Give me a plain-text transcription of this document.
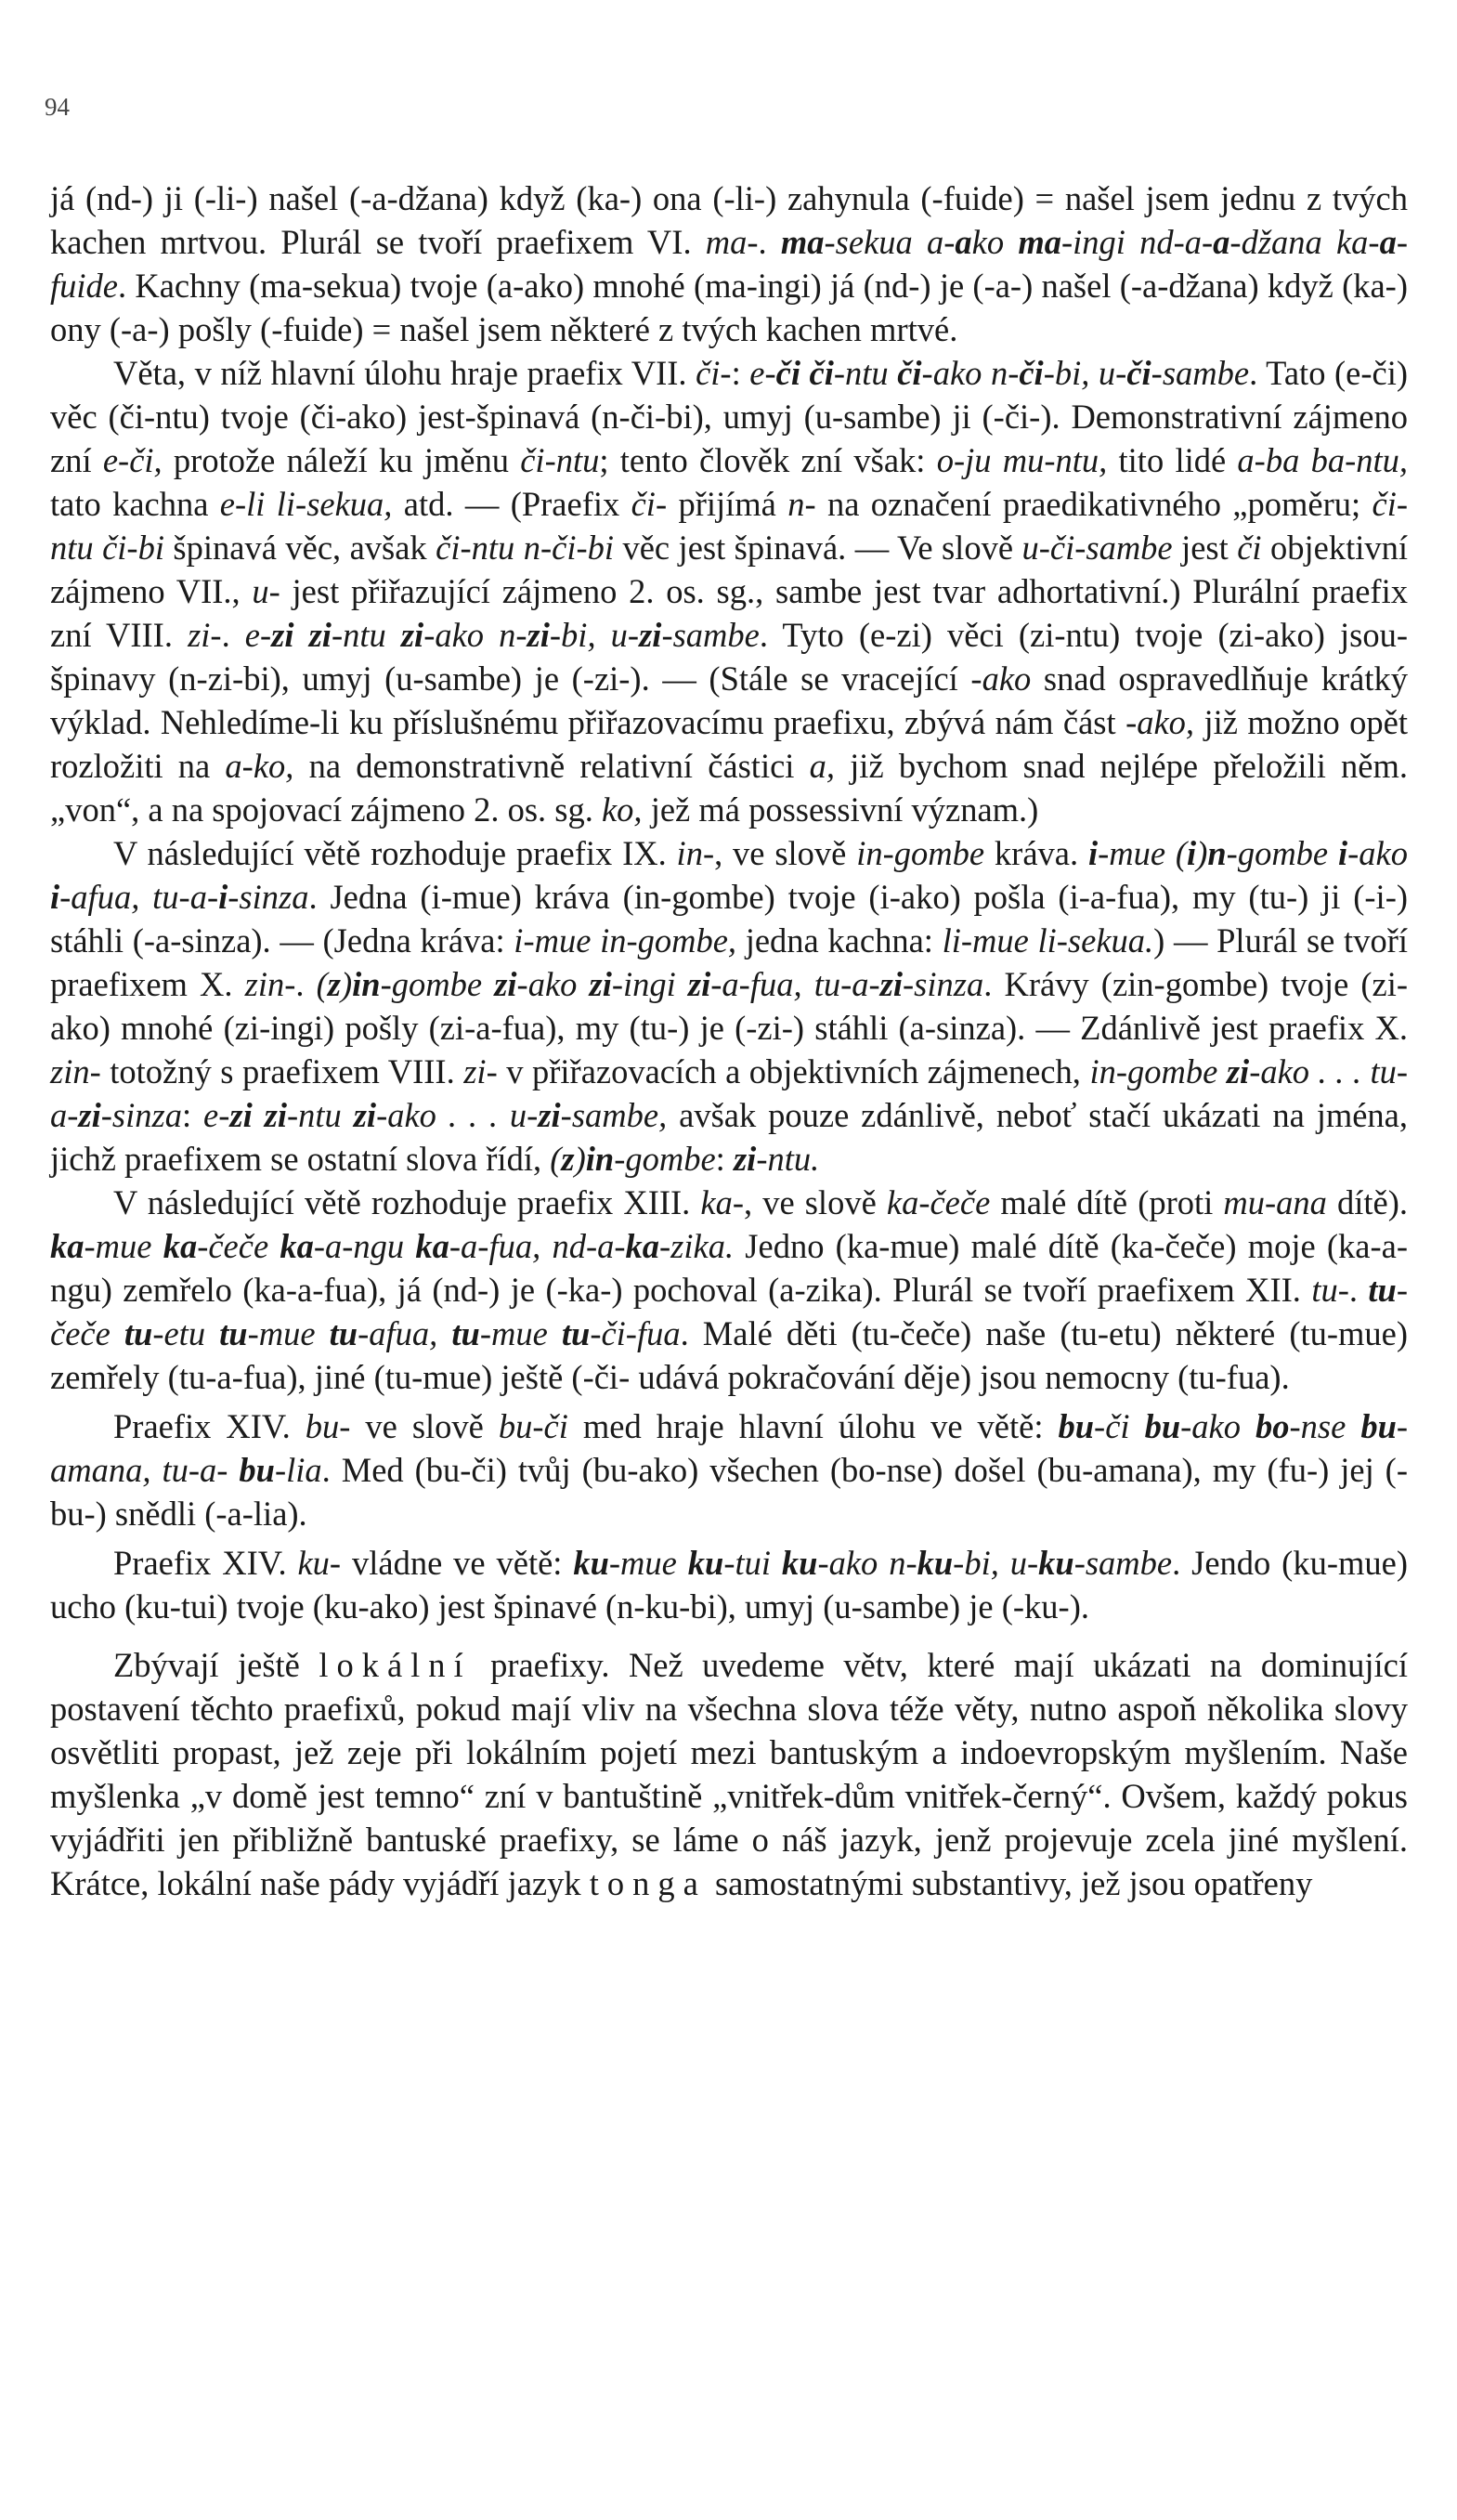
94

já (nd-) ji (-li-) našel (-a-džana) když (ka-) ona (-li-) zahynula (-fuide) = našel jsem jednu z tvých kachen mrtvou. Plurál se tvoří praefixem VI. ma-. ma-sekua a-ako ma-ingi nd-a-a-džana ka-a-fuide. Kachny (ma-sekua) tvoje (a-ako) mnohé (ma-ingi) já (nd-) je (-a-) našel (-a-džana) když (ka-) ony (-a-) pošly (-fuide) = našel jsem některé z tvých kachen mrtvé.

Věta, v níž hlavní úlohu hraje praefix VII. či-: e-či či-ntu či-ako n-či-bi, u-či-sambe. Tato (e-či) věc (či-ntu) tvoje (či-ako) jest-špinavá (n-či-bi), umyj (u-sambe) ji (-či-). Demonstrativní zájmeno zní e-či, protože náleží ku jměnu či-ntu; tento člověk zní však: o-ju mu-ntu, tito lidé a-ba ba-ntu, tato kachna e-li li-sekua, atd. — (Praefix či- přijímá n- na označení praedikativného „poměru; či-ntu či-bi špinavá věc, avšak či-ntu n-či-bi věc jest špinavá. — Ve slově u-či-sambe jest či objektivní zájmeno VII., u- jest přiřazující zájmeno 2. os. sg., sambe jest tvar adhortativní.) Plurální praefix zní VIII. zi-. e-zi zi-ntu zi-ako n-zi-bi, u-zi-sambe. Tyto (e-zi) věci (zi-ntu) tvoje (zi-ako) jsou-špinavy (n-zi-bi), umyj (u-sambe) je (-zi-). — (Stále se vracející -ako snad ospravedlňuje krátký výklad. Nehledíme-li ku příslušnému přiřazovacímu praefixu, zbývá nám část -ako, již možno opět rozložiti na a-ko, na demonstrativně relativní částici a, již bychom snad nejlépe přeložili něm. „von“, a na spojovací zájmeno 2. os. sg. ko, jež má possessivní význam.)

V následující větě rozhoduje praefix IX. in-, ve slově in-gombe kráva. i-mue (i)n-gombe i-ako i-afua, tu-a-i-sinza. Jedna (i-mue) kráva (in-gombe) tvoje (i-ako) pošla (i-a-fua), my (tu-) ji (-i-) stáhli (-a-sinza). — (Jedna kráva: i-mue in-gombe, jedna kachna: li-mue li-sekua.) — Plurál se tvoří praefixem X. zin-. (z)in-gombe zi-ako zi-ingi zi-a-fua, tu-a-zi-sinza. Krávy (zin-gombe) tvoje (zi-ako) mnohé (zi-ingi) pošly (zi-a-fua), my (tu-) je (-zi-) stáhli (a-sinza). — Zdánlivě jest praefix X. zin- totožný s praefixem VIII. zi- v přiřazovacích a objektivních zájmenech, in-gombe zi-ako . . . tu-a-zi-sinza: e-zi zi-ntu zi-ako . . . u-zi-sambe, avšak pouze zdánlivě, neboť stačí ukázati na jména, jichž praefixem se ostatní slova řídí, (z)in-gombe: zi-ntu.

V následující větě rozhoduje praefix XIII. ka-, ve slově ka-čeče malé dítě (proti mu-ana dítě). ka-mue ka-čeče ka-a-ngu ka-a-fua, nd-a-ka-zika. Jedno (ka-mue) malé dítě (ka-čeče) moje (ka-a-ngu) zemřelo (ka-a-fua), já (nd-) je (-ka-) pochoval (a-zika). Plurál se tvoří praefixem XII. tu-. tu-čeče tu-etu tu-mue tu-afua, tu-mue tu-či-fua. Malé děti (tu-čeče) naše (tu-etu) některé (tu-mue) zemřely (tu-a-fua), jiné (tu-mue) ještě (-či- udává pokračování děje) jsou nemocny (tu-fua).

Praefix XIV. bu- ve slově bu-či med hraje hlavní úlohu ve větě: bu-či bu-ako bo-nse bu-amana, tu-a- bu-lia. Med (bu-či) tvůj (bu-ako) všechen (bo-nse) došel (bu-amana), my (fu-) jej (-bu-) snědli (-a-lia).

Praefix XIV. ku- vládne ve větě: ku-mue ku-tui ku-ako n-ku-bi, u-ku-sambe. Jendo (ku-mue) ucho (ku-tui) tvoje (ku-ako) jest špinavé (n-ku-bi), umyj (u-sambe) je (-ku-).

Zbývají ještě lokální praefixy. Než uvedeme větv, které mají ukázati na dominující postavení těchto praefixů, pokud mají vliv na všechna slova téže věty, nutno aspoň několika slovy osvětliti propast, jež zeje při lokálním pojetí mezi bantuským a indoevropským myšlením. Naše myšlenka „v domě jest temno“ zní v bantuštině „vnitřek-dům vnitřek-černý“. Ovšem, každý pokus vyjádřiti jen přibližně bantuské praefixy, se láme o náš jazyk, jenž projevuje zcela jiné myšlení. Krátce, lokální naše pády vyjádří jazyk tonga samostatnými substantivy, jež jsou opatřeny
